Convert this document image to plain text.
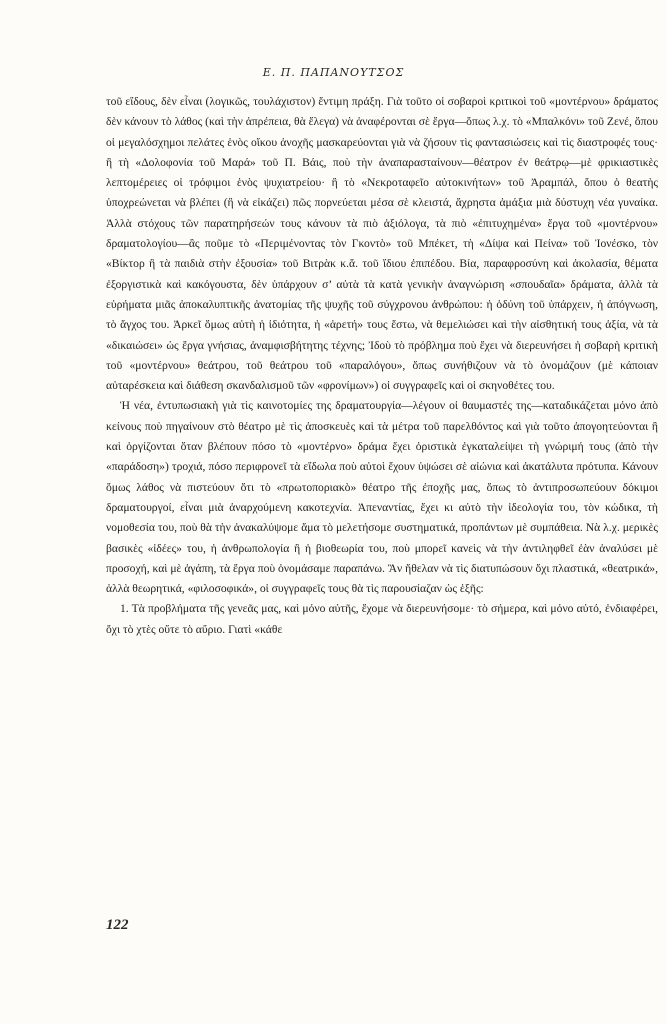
Ε. Π. ΠΑΠΑΝΟΥΤΣΟΣ

τοῦ εἴδους, δὲν εἶναι (λογικῶς, τουλάχιστον) ἔντιμη πράξη. Γιὰ τοῦτο οἱ σοβαροὶ κριτικοὶ τοῦ «μοντέρνου» δράματος δὲν κάνουν τὸ λάθος (καὶ τὴν ἀπρέπεια, θὰ ἔλεγα) νὰ ἀναφέρονται σὲ ἔργα—ὅπως λ.χ. τὸ «Μπαλκόνι» τοῦ Ζενέ, ὅπου οἱ μεγαλόσχημοι πελάτες ἑνὸς οἴκου ἀνοχῆς μασκαρεύονται γιὰ νὰ ζήσουν τὶς φαντασιώσεις καὶ τὶς διαστροφές τους· ἢ τὴ «Δολοφονία τοῦ Μαρά» τοῦ Π. Βάις, ποὺ τὴν ἀναπαρασταίνουν—θέατρον ἐν θεάτρῳ—μὲ φρικιαστικὲς λεπτομέρειες οἱ τρόφιμοι ἑνὸς ψυχιατρείου· ἢ τὸ «Νεκροταφεῖο αὐτοκινήτων» τοῦ Ἀραμπάλ, ὅπου ὁ θεατὴς ὑποχρεώνεται νὰ βλέπει (ἢ νὰ εἰκάζει) πῶς πορνεύεται μέσα σὲ κλειστά, ἄχρηστα ἁμάξια μιὰ δύστυχη νέα γυναίκα. Ἀλλὰ στόχους τῶν παρατηρήσεών τους κάνουν τὰ πιὸ ἀξιόλογα, τὰ πιὸ «ἐπιτυχημένα» ἔργα τοῦ «μοντέρνου» δραματολογίου—ἂς ποῦμε τὸ «Περιμένοντας τὸν Γκοντὸ» τοῦ Μπέκετ, τὴ «Δίψα καὶ Πείνα» τοῦ Ἰονέσκο, τὸν «Βίκτορ ἢ τὰ παιδιὰ στὴν ἐξουσία» τοῦ Βιτρὰκ κ.ἄ. τοῦ ἴδιου ἐπιπέδου. Βία, παραφροσύνη καὶ ἀκολασία, θέματα ἐξοργιστικὰ καὶ κακόγουστα, δὲν ὑπάρχουν σ’ αὐτὰ τὰ κατὰ γενικὴν ἀναγνώριση «σπουδαῖα» δράματα, ἀλλὰ τὰ εὑρήματα μιᾶς ἀποκαλυπτικῆς ἀνατομίας τῆς ψυχῆς τοῦ σύγχρονου ἀνθρώπου: ἡ ὀδύνη τοῦ ὑπάρχειν, ἡ ἀπόγνωση, τὸ ἄγχος του. Ἀρκεῖ ὅμως αὐτὴ ἡ ἰδιότητα, ἡ «ἀρετή» τους ἔστω, νὰ θεμελιώσει καὶ τὴν αἰσθητική τους ἀξία, νὰ τὰ «δικαιώσει» ὡς ἔργα γνήσιας, ἀναμφισβήτητης τέχνης; Ἰδοὺ τὸ πρόβλημα ποὺ ἔχει νὰ διερευνήσει ἡ σοβαρὴ κριτικὴ τοῦ «μοντέρνου» θεάτρου, τοῦ θεάτρου τοῦ «παραλόγου», ὅπως συνήθιζουν νὰ τὸ ὀνομάζουν (μὲ κάποιαν αὐταρέσκεια καὶ διάθεση σκανδαλισμοῦ τῶν «φρονίμων») οἱ συγγραφεῖς καὶ οἱ σκηνοθέτες του.

Ἡ νέα, ἐντυπωσιακὴ γιὰ τὶς καινοτομίες της δραματουργία—λέγουν οἱ θαυμαστές της—καταδικάζεται μόνο ἀπὸ κείνους ποὺ πηγαίνουν στὸ θέατρο μὲ τὶς ἀποσκευὲς καὶ τὰ μέτρα τοῦ παρελθόντος καὶ γιὰ τοῦτο ἀπογοητεύονται ἢ καὶ ὀργίζονται ὅταν βλέπουν πόσο τὸ «μοντέρνο» δράμα ἔχει ὁριστικὰ ἐγκαταλείψει τὴ γνώριμή τους (ἀπὸ τὴν «παράδοση») τροχιά, πόσο περιφρονεῖ τὰ εἴδωλα ποὺ αὐτοὶ ἔχουν ὑψώσει σὲ αἰώνια καὶ ἀκατάλυτα πρότυπα. Κάνουν ὅμως λάθος νὰ πιστεύουν ὅτι τὸ «πρωτοποριακὸ» θέατρο τῆς ἐποχῆς μας, ὅπως τὸ ἀντιπροσωπεύουν δόκιμοι δραματουργοί, εἶναι μιὰ ἀναρχούμενη κακοτεχνία. Ἀπεναντίας, ἔχει κι αὐτὸ τὴν ἰδεολογία του, τὸν κώδικα, τὴ νομοθεσία του, ποὺ θὰ τὴν ἀνακαλύψομε ἅμα τὸ μελετήσομε συστηματικά, προπάντων μὲ συμπάθεια. Νὰ λ.χ. μερικὲς βασικὲς «ἰδέες» του, ἡ ἀνθρωπολογία ἢ ἡ βιοθεωρία του, ποὺ μπορεῖ κανεὶς νὰ τὴν ἀντιληφθεῖ ἐὰν ἀναλύσει μὲ προσοχή, καὶ μὲ ἀγάπη, τὰ ἔργα ποὺ ὀνομάσαμε παραπάνω. Ἂν ἤθελαν νὰ τὶς διατυπώσουν ὄχι πλαστικά, «θεατρικά», ἀλλὰ θεωρητικά, «φιλοσοφικά», οἱ συγγραφεῖς τους θὰ τὶς παρουσίαζαν ὡς ἑξῆς:

1. Τὰ προβλήματα τῆς γενεᾶς μας, καὶ μόνο αὐτῆς, ἔχομε νὰ διερευνήσομε· τὸ σήμερα, καὶ μόνο αὐτό, ἐνδιαφέρει, ὄχι τὸ χτὲς οὔτε τὸ αὔριο. Γιατὶ «κάθε

122
